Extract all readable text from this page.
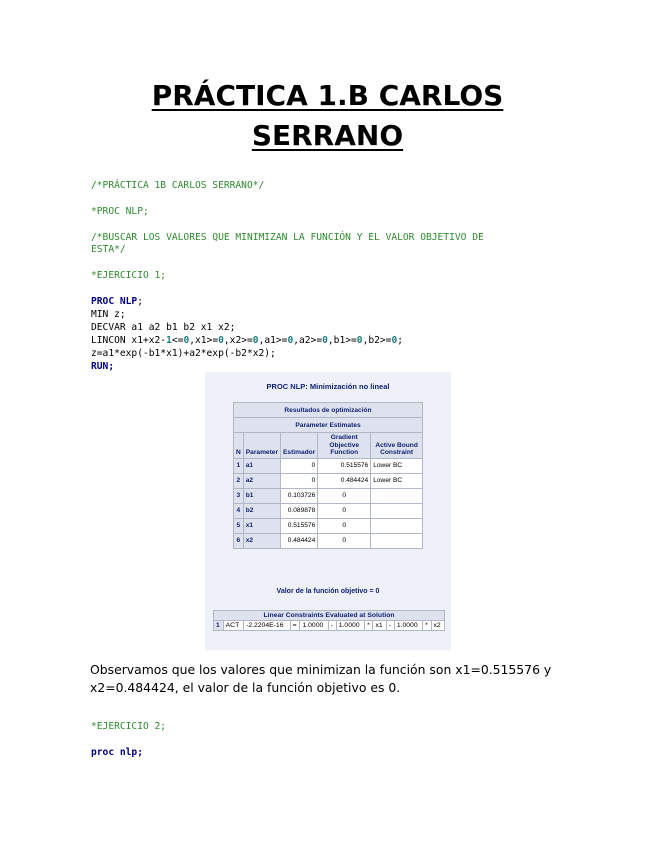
PRÁCTICA 1.B CARLOS
SERRANO
/*PRÁCTICA 1B CARLOS SERRANO*/
*PROC NLP;
/*BUSCAR LOS VALORES QUE MINIMIZAN LA FUNCIÓN Y EL VALOR OBJETIVO DE
ESTA*/
*EJERCICIO 1;
PROC NLP;
MIN z;
DECVAR a1 a2 b1 b2 x1 x2;
LINCON x1+x2-1<=0,x1>=0,x2>=0,a1>=0,a2>=0,b1>=0,b2>=0;
z=a1*exp(-b1*x1)+a2*exp(-b2*x2);
RUN;
PROC NLP: Minimización no lineal
Resultados de optimización				
Parameter Estimates				
N	Parameter	Estimador	Gradient Objective Function	Active Bound Constraint
1	a1	0	0.515576	Lower BC
2	a2	0	0.484424	Lower BC
3	b1	0.103726	0	
4	b2	0.089878	0	
5	x1	0.515576	0	
6	x2	0.484424	0	
Valor de la función objetivo = 0
Linear Constraints Evaluated at Solution
1	ACT	-2.2204E-16	=	1.0000	-	1.0000	*	x1	-	1.0000	*	x2
Observamos que los valores que minimizan la función son x1=0.515576 y x2=0.484424, el valor de la función objetivo es 0.
*EJERCICIO 2;
proc nlp;
